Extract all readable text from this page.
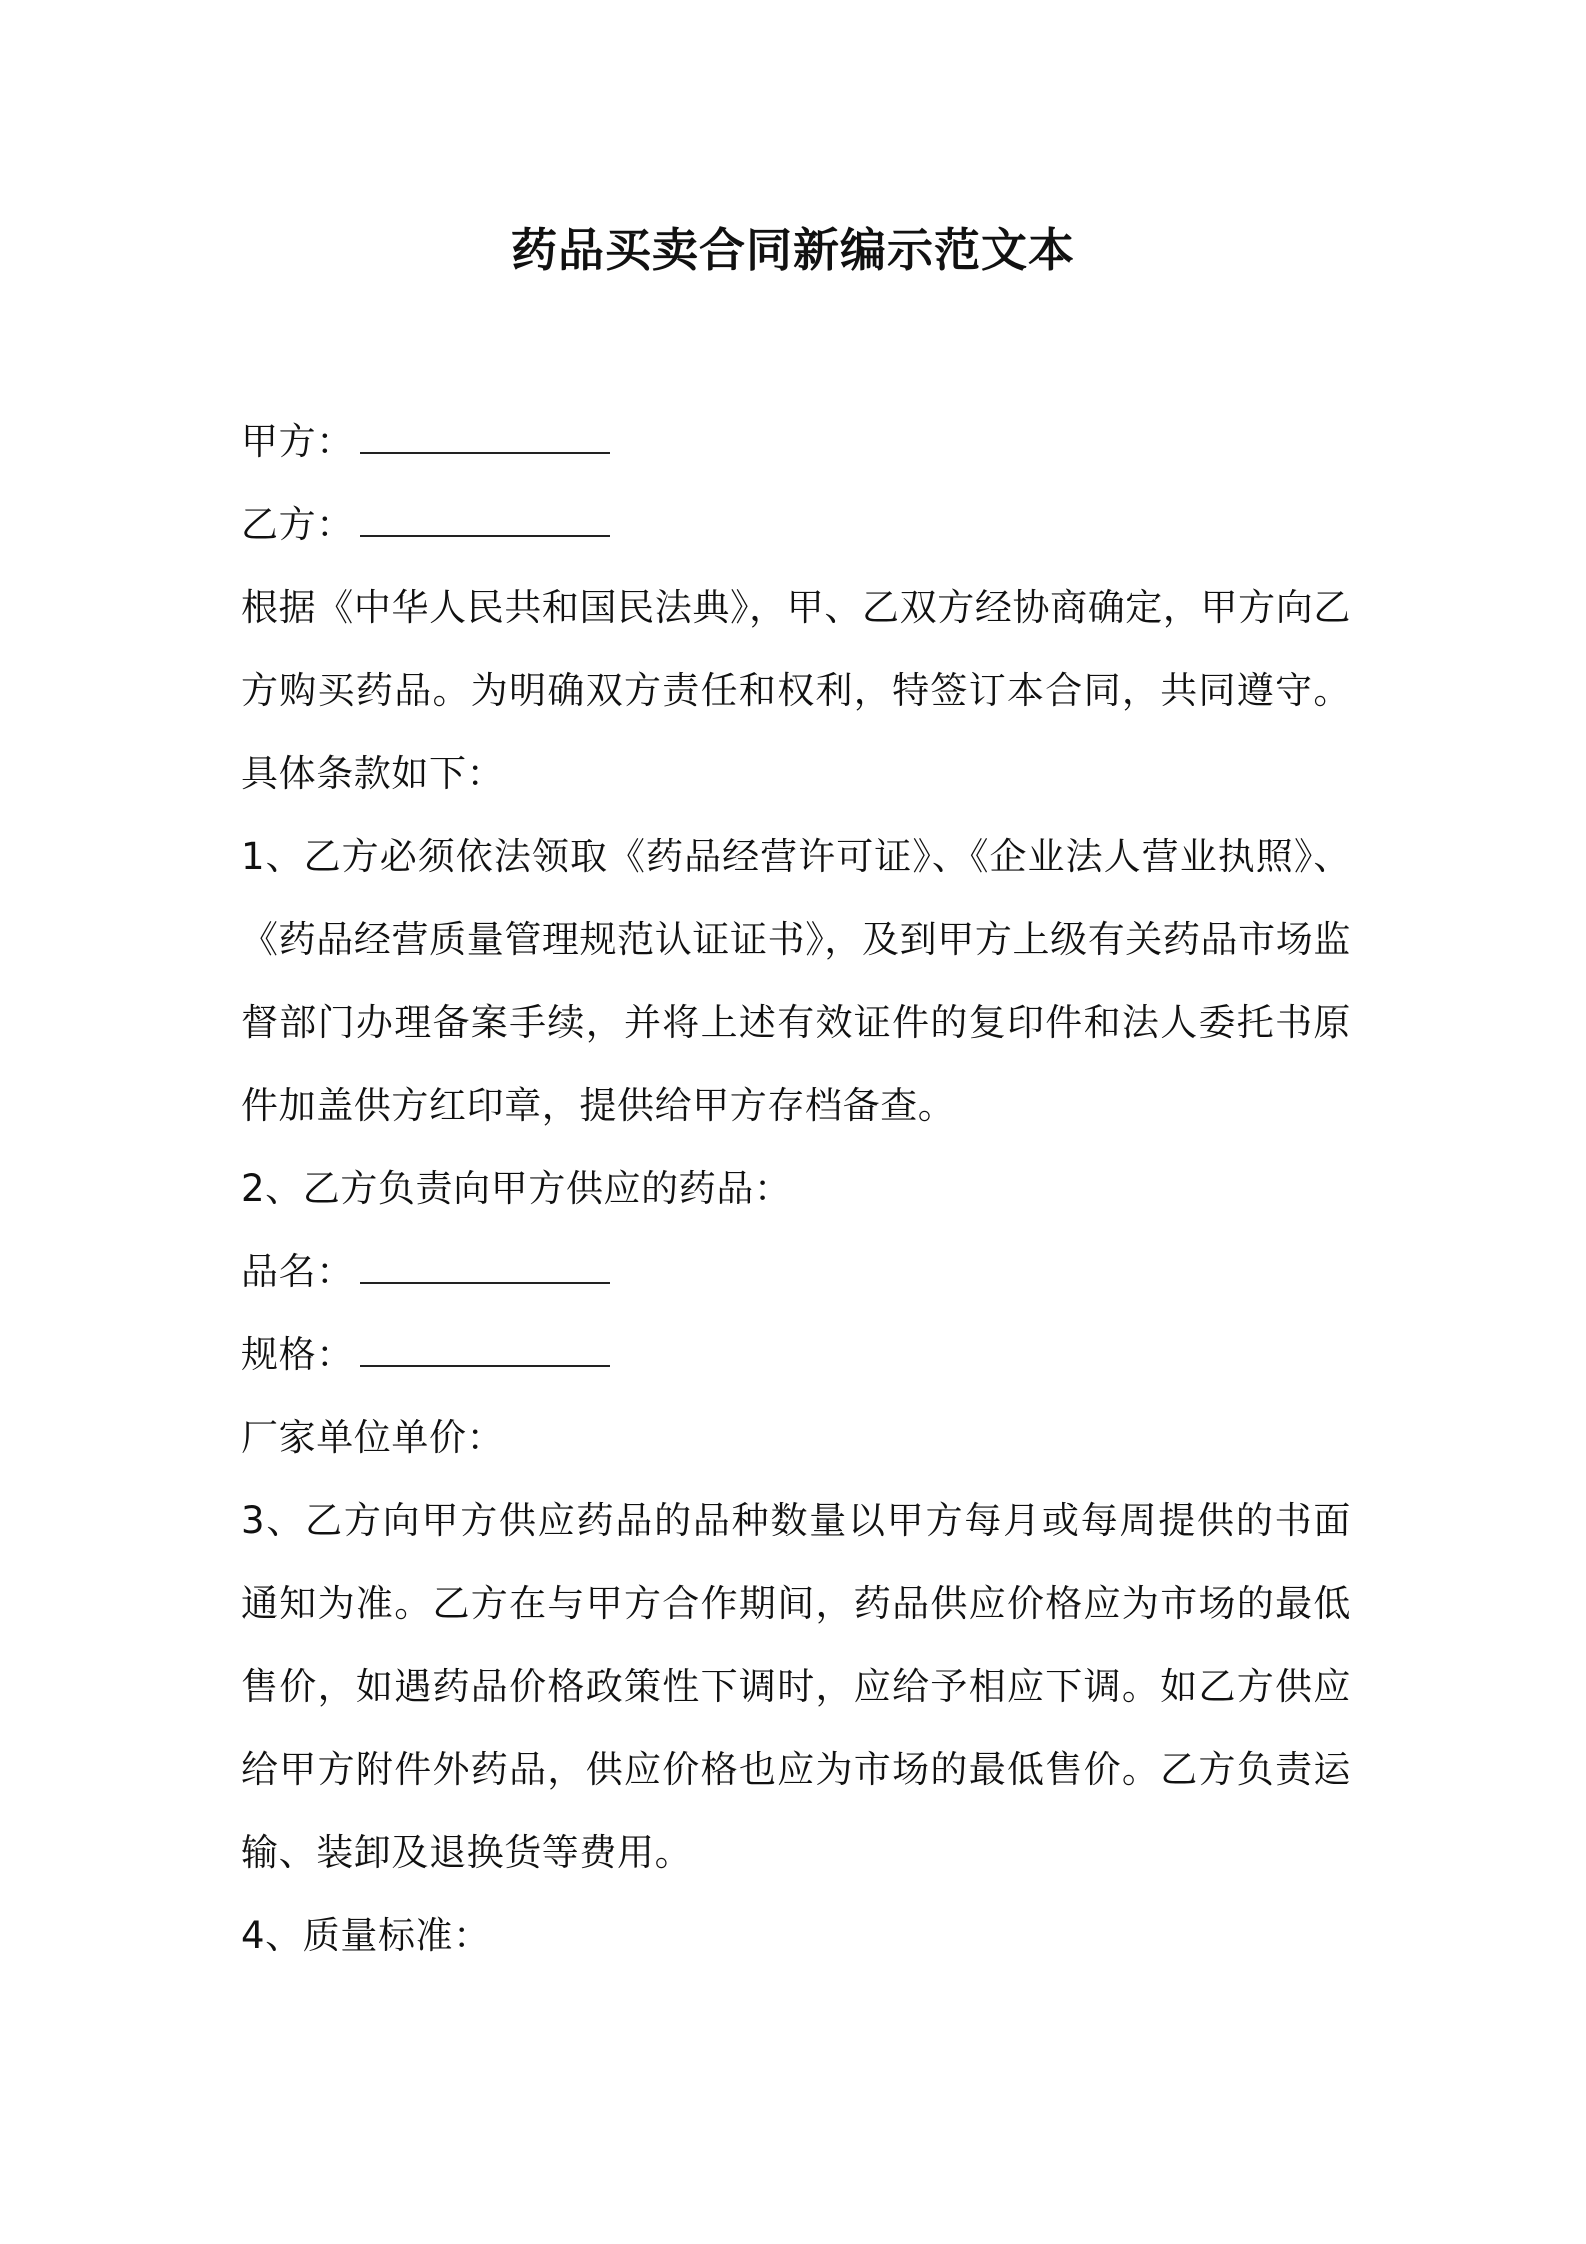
药品买卖合同新编示范文本
甲方：
乙方：

根据《中华人民共和国民法典》，甲、乙双方经协商确定，甲方向乙方购买药品。为明确双方责任和权利，特签订本合同，共同遵守。具体条款如下：

1、乙方必须依法领取《药品经营许可证》、《企业法人营业执照》、《药品经营质量管理规范认证证书》，及到甲方上级有关药品市场监督部门办理备案手续，并将上述有效证件的复印件和法人委托书原件加盖供方红印章，提供给甲方存档备查。

2、乙方负责向甲方供应的药品：

品名：
规格：
厂家单位单价：

3、乙方向甲方供应药品的品种数量以甲方每月或每周提供的书面通知为准。乙方在与甲方合作期间，药品供应价格应为市场的最低售价，如遇药品价格政策性下调时，应给予相应下调。如乙方供应给甲方附件外药品，供应价格也应为市场的最低售价。乙方负责运输、装卸及退换货等费用。

4、质量标准：
